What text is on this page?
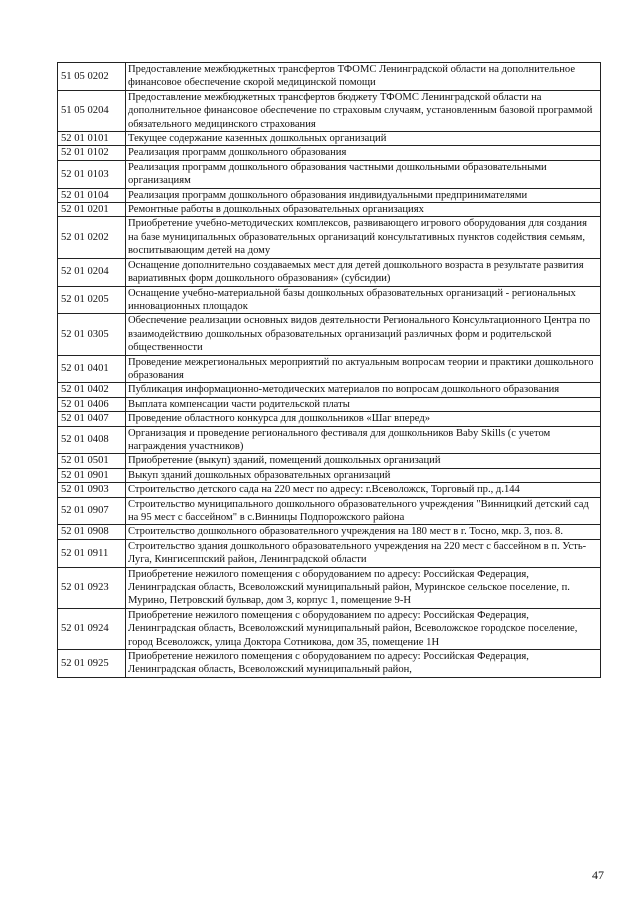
51 05 0202	Предоставление межбюджетных трансфертов ТФОМС Ленинградской области на дополнительное финансовое обеспечение скорой медицинской помощи
51 05 0204	Предоставление межбюджетных трансфертов бюджету ТФОМС Ленинградской области на дополнительное финансовое обеспечение по страховым случаям, установленным базовой программой обязательного медицинского страхования
52 01 0101	Текущее содержание казенных дошкольных организаций
52 01 0102	Реализация программ дошкольного образования
52 01 0103	Реализация программ дошкольного образования частными дошкольными образовательными организациям
52 01 0104	Реализация программ дошкольного образования индивидуальными предпринимателями
52 01 0201	Ремонтные работы в дошкольных образовательных организациях
52 01 0202	Приобретение учебно-методических комплексов, развивающего игрового оборудования для создания на базе муниципальных образовательных организаций консультативных пунктов содействия семьям, воспитывающим детей на дому
52 01 0204	Оснащение дополнительно создаваемых мест для детей дошкольного возраста в результате развития вариативных форм дошкольного образования» (субсидии)
52 01 0205	Оснащение учебно-материальной базы дошкольных образовательных организаций - региональных инновационных площадок
52 01 0305	Обеспечение реализации основных видов деятельности Регионального Консультационного Центра по взаимодействию дошкольных образовательных организаций различных форм и родительской общественности
52 01 0401	Проведение межрегиональных мероприятий по актуальным вопросам теории и практики дошкольного образования
52 01 0402	Публикация информационно-методических материалов по вопросам дошкольного образования
52 01 0406	Выплата компенсации части родительской платы
52 01 0407	Проведение областного конкурса для дошкольников «Шаг вперед»
52 01 0408	Организация и проведение регионального фестиваля для дошкольников Baby Skills (с учетом награждения участников)
52 01 0501	Приобретение (выкуп) зданий, помещений дошкольных организаций
52 01 0901	Выкуп зданий дошкольных образовательных организаций
52 01 0903	Строительство детского сада на 220 мест по адресу: г.Всеволожск, Торговый пр., д.144
52 01 0907	Строительство муниципального дошкольного образовательного учреждения "Винницкий детский сад на 95 мест с бассейном" в с.Винницы Подпорожского района
52 01 0908	Строительство дошкольного образовательного учреждения на 180 мест в г. Тосно, мкр. 3, поз. 8.
52 01 0911	Строительство здания дошкольного образовательного учреждения на 220 мест с бассейном в п. Усть-Луга, Кингисеппский район, Ленинградской области
52 01 0923	Приобретение нежилого помещения с оборудованием по адресу: Российская Федерация, Ленинградская область, Всеволожский муниципальный район, Муринское сельское поселение, п. Мурино, Петровский бульвар, дом 3, корпус 1, помещение 9-Н
52 01 0924	Приобретение нежилого помещения с оборудованием по адресу: Российская Федерация, Ленинградская область, Всеволожский муниципальный район, Всеволожское городское поселение, город Всеволожск, улица Доктора Сотникова, дом 35, помещение 1Н
52 01 0925	Приобретение нежилого помещения с оборудованием по адресу: Российская Федерация, Ленинградская область, Всеволожский муниципальный район,
47
